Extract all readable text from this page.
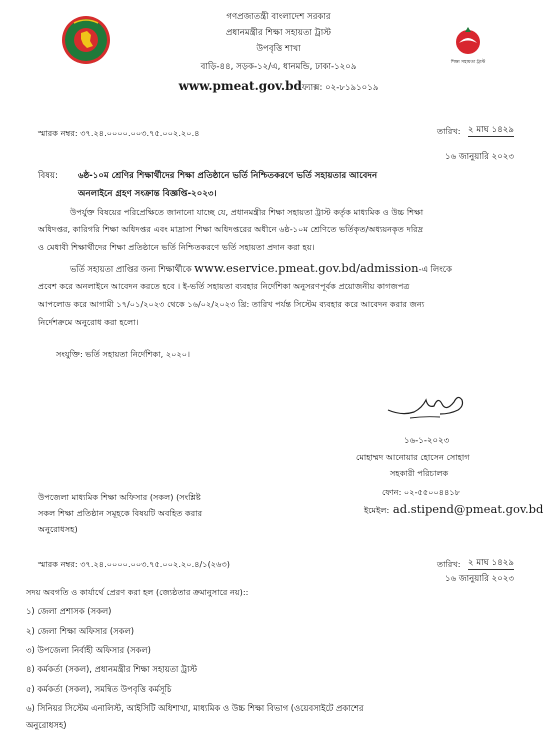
শিক্ষা সহায়তা ট্রাস্ট
গণপ্রজাতন্ত্রী বাংলাদেশ সরকার
প্রধানমন্ত্রীর শিক্ষা সহায়তা ট্রাস্ট
উপবৃত্তি শাখা
বাড়ি-৪৪, সড়ক-১২/এ, ধানমন্ডি, ঢাকা-১২০৯
www.pmeat.gov.bdফ্যাক্স: ০২-৮১৯১০১৯
স্মারক নম্বর: ৩৭.২৪.০০০০.০০৩.৭৫.০০২.২০.৪	তারিখ: ২ মাঘ ১৪২৯
১৬ জানুয়ারি ২০২৩
বিষয়: ৬ষ্ঠ-১০ম শ্রেণির শিক্ষার্থীদের শিক্ষা প্রতিষ্ঠানে ভর্তি নিশ্চিতকরণে ভর্তি সহায়তার আবেদন
অনলাইনে গ্রহণ সংক্রান্ত বিজ্ঞপ্তি-২০২৩।
উপর্যুক্ত বিষয়ের পরিপ্রেক্ষিতে জানানো যাচ্ছে যে, প্রধানমন্ত্রীর শিক্ষা সহায়তা ট্রাস্ট কর্তৃক মাধ্যমিক ও উচ্চ শিক্ষা
অধিদপ্তর, কারিগরি শিক্ষা অধিদপ্তর এবং মাদ্রাসা শিক্ষা অধিদপ্তরের অধীনে ৬ষ্ঠ-১০ম শ্রেণিতে ভর্তিকৃত/অধ্যয়নকৃত দরিদ্র
ও মেধাবী শিক্ষার্থীদের শিক্ষা প্রতিষ্ঠানে ভর্তি নিশ্চিতকরণে ভর্তি সহায়তা প্রদান করা হয়।
ভর্তি সহায়তা প্রাপ্তির জন্য শিক্ষার্থীকে www.eservice.pmeat.gov.bd/admission-এ লিংকে
প্রবেশ করে অনলাইনে আবেদন করতে হবে । ই-ভর্তি সহায়তা ব্যবহার নির্দেশিকা অনুসরণপূর্বক প্রয়োজনীয় কাগজপত্র
আপলোড করে আগামী ১৭/০১/২০২৩ থেকে ১৬/০২/২০২৩ খ্রি: তারিখ পর্যন্ত সিস্টেম ব্যবহার করে আবেদন করার জন্য
নির্দেশক্রমে অনুরোধ করা হলো।
সংযুক্তি: ভর্তি সহায়তা নির্দেশিকা, ২০২০।
১৬-১-২০২৩
মোহাম্মদ আনোয়ার হোসেন সোহাগ
সহকারী পরিচালক
ফোন: ০২-৫৫০০৪৪১৮
ইমেইল: ad.stipend@pmeat.gov.bd
উপজেলা মাধ্যমিক শিক্ষা অফিসার (সকল) (সংশ্লিষ্ট
সকল শিক্ষা প্রতিষ্ঠান সমূহকে বিষয়টি অবহিত করার
অনুরোধসহ)
স্মারক নম্বর: ৩৭.২৪.০০০০.০০৩.৭৫.০০২.২০.৪/১(২৬৩)	তারিখ: ২ মাঘ ১৪২৯
১৬ জানুয়ারি ২০২৩
সদয় অবগতি ও কার্যার্থে প্রেরণ করা হল (জ্যেষ্ঠতার ক্রমানুসারে নয়)::
১) জেলা প্রশাসক (সকল)
২) জেলা শিক্ষা অফিসার (সকল)
৩) উপজেলা নির্বাহী অফিসার (সকল)
৪) কর্মকর্তা (সকল), প্রধানমন্ত্রীর শিক্ষা সহায়তা ট্রাস্ট
৫) কর্মকর্তা (সকল), সমন্বিত উপবৃত্তি কর্মসূচি
৬) সিনিয়র সিস্টেম এনালিস্ট, আইসিটি অধিশাখা, মাধ্যমিক ও উচ্চ শিক্ষা বিভাগ (ওয়েবসাইটে প্রকাশের
অনুরোধসহ)
